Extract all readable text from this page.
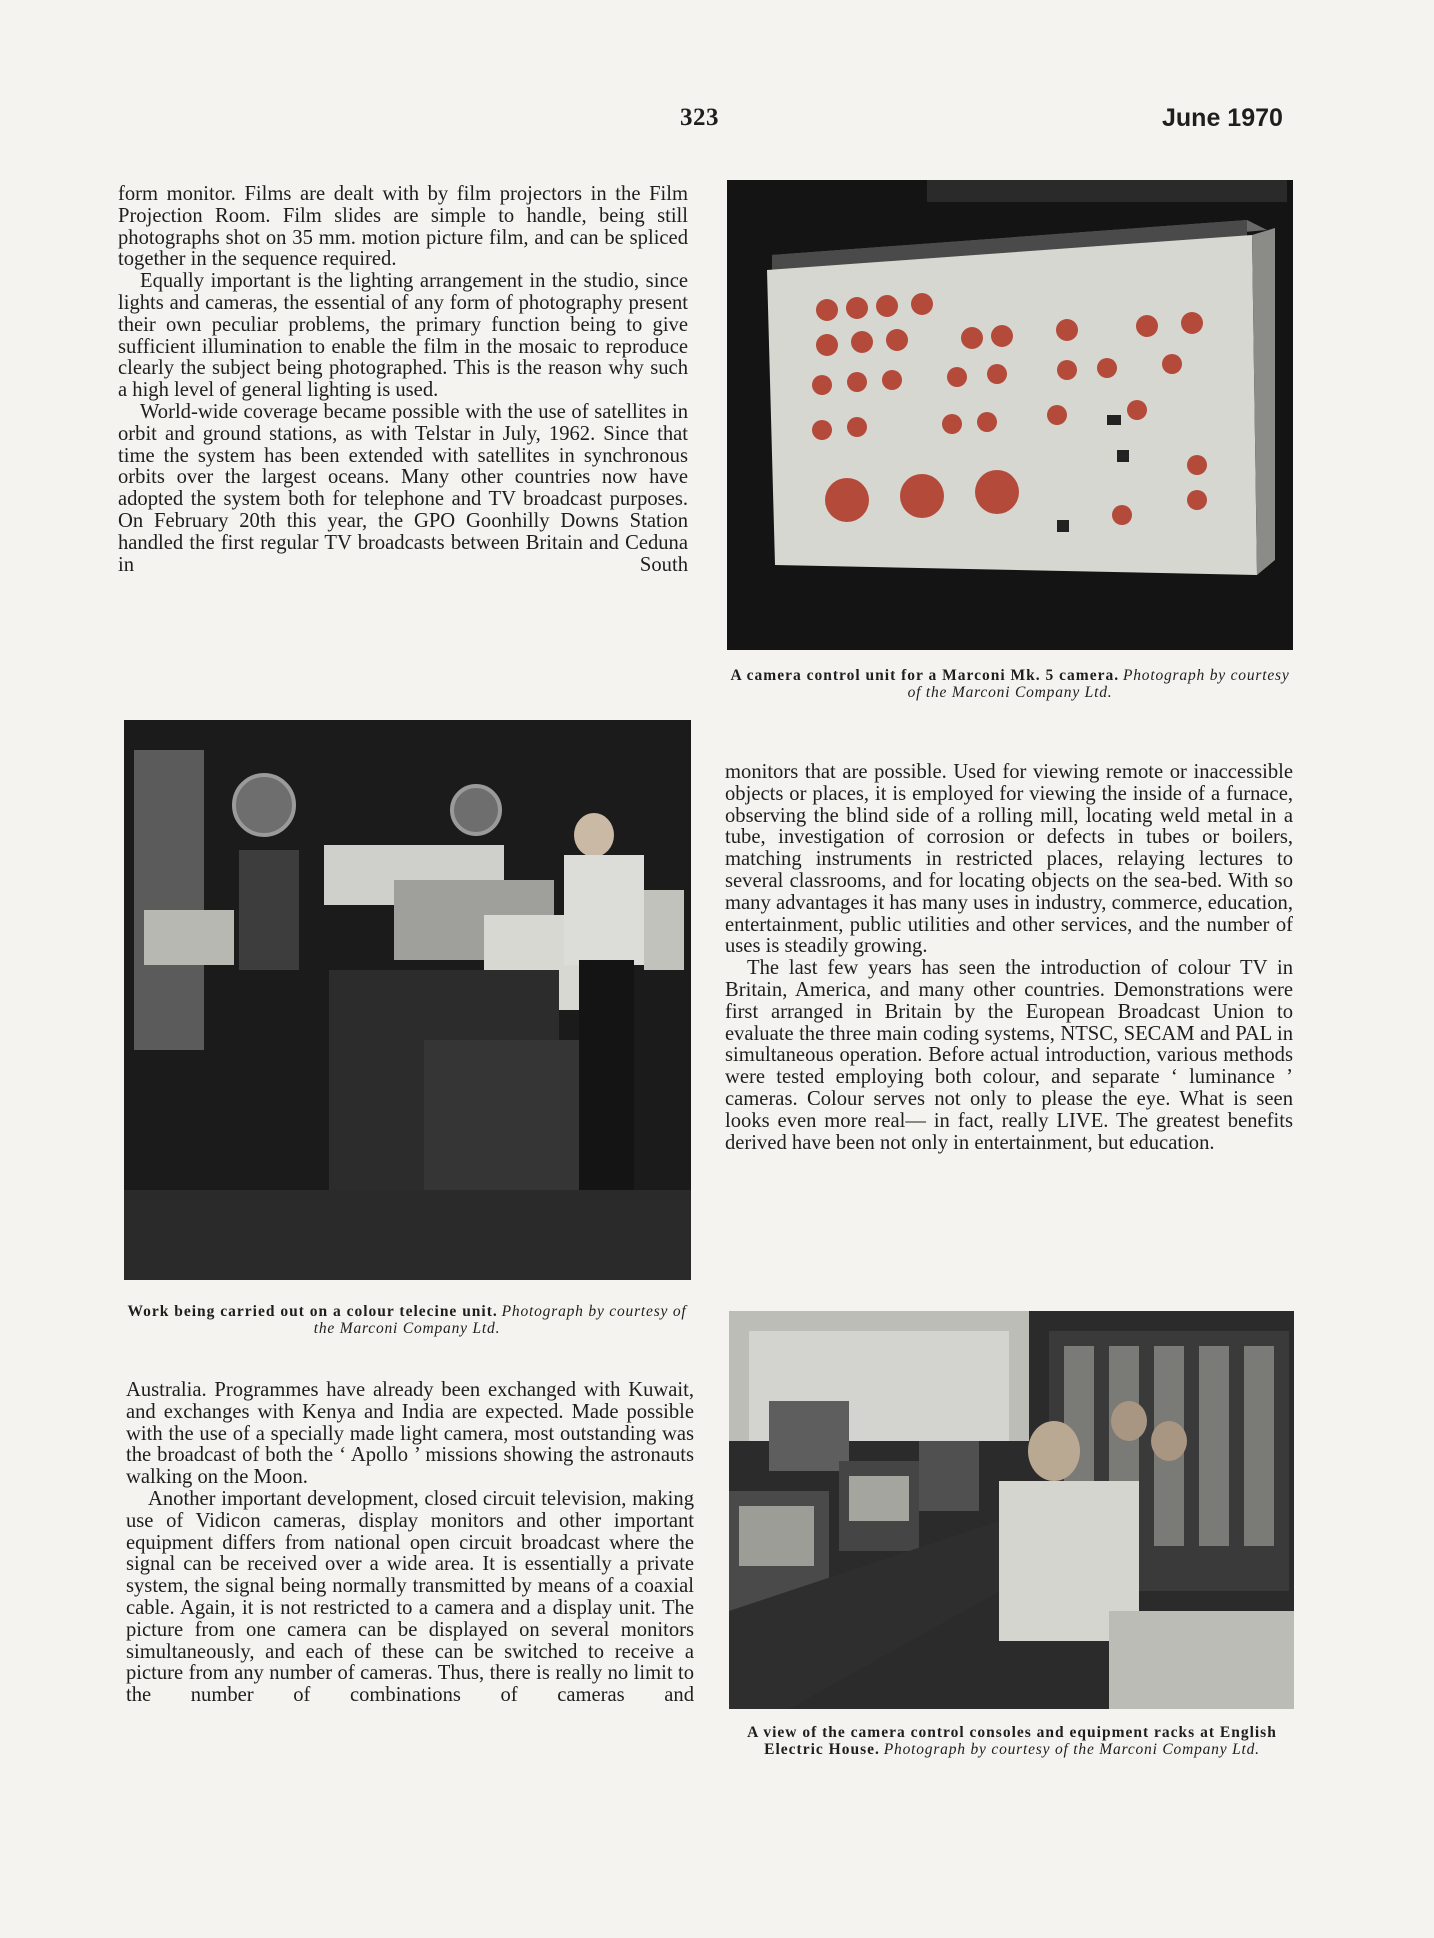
323	June 1970

form monitor. Films are dealt with by film projectors in the Film Projection Room. Film slides are simple to handle, being still photographs shot on 35 mm. motion picture film, and can be spliced together in the sequence required.

Equally important is the lighting arrangement in the studio, since lights and cameras, the essential of any form of photography present their own peculiar problems, the primary function being to give sufficient illumination to enable the film in the mosaic to reproduce clearly the subject being photographed. This is the reason why such a high level of general lighting is used.

World-wide coverage became possible with the use of satellites in orbit and ground stations, as with Telstar in July, 1962. Since that time the system has been extended with satellites in synchronous orbits over the largest oceans. Many other countries now have adopted the system both for telephone and TV broadcast purposes. On February 20th this year, the GPO Goonhilly Downs Station handled the first regular TV broadcasts between Britain and Ceduna in South

A camera control unit for a Marconi Mk. 5 camera. Photograph by courtesy of the Marconi Company Ltd.
Work being carried out on a colour telecine unit. Photograph by courtesy of the Marconi Company Ltd.

monitors that are possible. Used for viewing remote or inaccessible objects or places, it is employed for viewing the inside of a furnace, observing the blind side of a rolling mill, locating weld metal in a tube, investigation of corrosion or defects in tubes or boilers, matching instruments in restricted places, relaying lectures to several classrooms, and for locating objects on the sea-bed. With so many advantages it has many uses in industry, commerce, education, entertainment, public utilities and other services, and the number of uses is steadily growing.

The last few years has seen the introduction of colour TV in Britain, America, and many other countries. Demonstrations were first arranged in Britain by the European Broadcast Union to evaluate the three main coding systems, NTSC, SECAM and PAL in simultaneous operation. Before actual introduction, various methods were tested employing both colour, and separate ‘ luminance ’ cameras. Colour serves not only to please the eye. What is seen looks even more real— in fact, really LIVE. The greatest benefits derived have been not only in entertainment, but education.

Australia. Programmes have already been exchanged with Kuwait, and exchanges with Kenya and India are expected. Made possible with the use of a specially made light camera, most outstanding was the broadcast of both the ‘ Apollo ’ missions showing the astronauts walking on the Moon.

Another important development, closed circuit television, making use of Vidicon cameras, display monitors and other important equipment differs from national open circuit broadcast where the signal can be received over a wide area. It is essentially a private system, the signal being normally transmitted by means of a coaxial cable. Again, it is not restricted to a camera and a display unit. The picture from one camera can be displayed on several monitors simultaneously, and each of these can be switched to receive a picture from any number of cameras. Thus, there is really no limit to the number of combinations of cameras and

A view of the camera control consoles and equipment racks at English Electric House. Photograph by courtesy of the Marconi Company Ltd.
